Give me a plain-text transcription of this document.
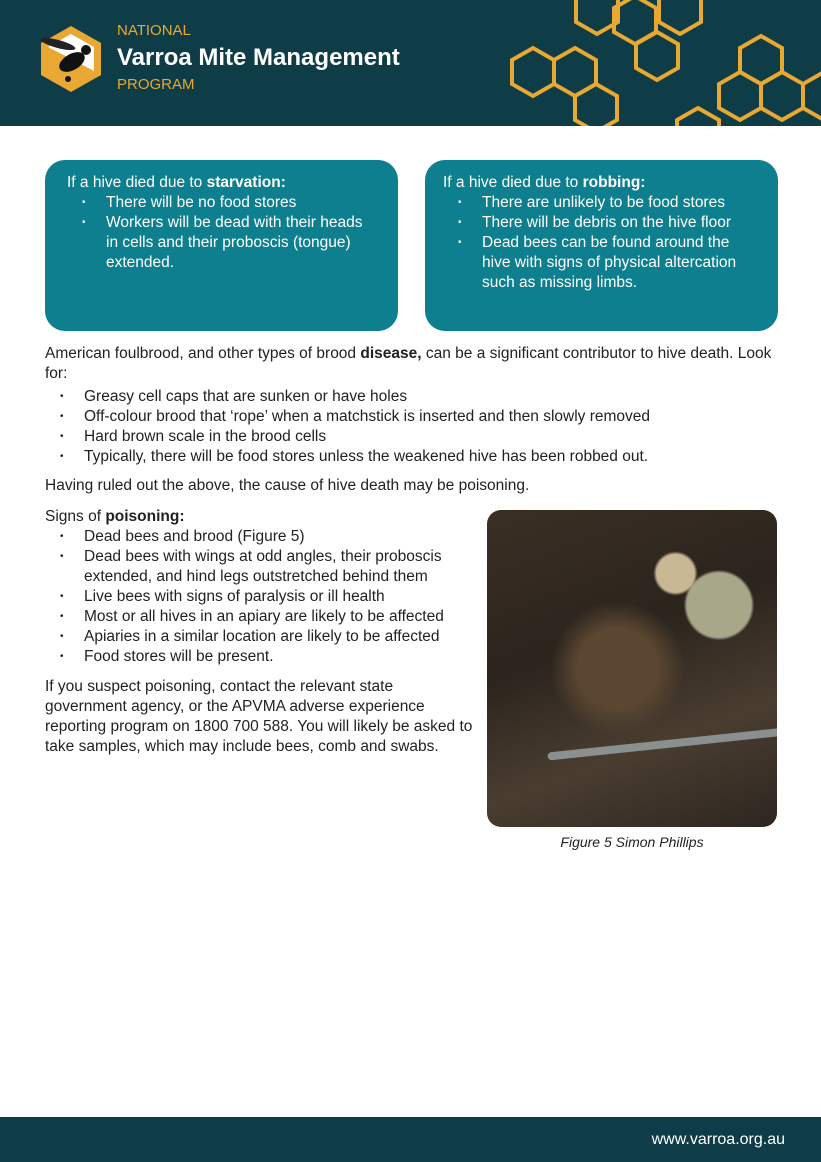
NATIONAL
Varroa Mite Management
PROGRAM
If a hive died due to starvation:
• There will be no food stores
• Workers will be dead with their heads in cells and their proboscis (tongue) extended.
If a hive died due to robbing:
• There are unlikely to be food stores
• There will be debris on the hive floor
• Dead bees can be found around the hive with signs of physical altercation such as missing limbs.

American foulbrood, and other types of brood disease, can be a significant contributor to hive death. Look for:

• Greasy cell caps that are sunken or have holes
• Off-colour brood that ‘rope’ when a matchstick is inserted and then slowly removed
• Hard brown scale in the brood cells
• Typically, there will be food stores unless the weakened hive has been robbed out.

Having ruled out the above, the cause of hive death may be poisoning.

Signs of poisoning:

• Dead bees and brood (Figure 5)
• Dead bees with wings at odd angles, their proboscis extended, and hind legs outstretched behind them
• Live bees with signs of paralysis or ill health
• Most or all hives in an apiary are likely to be affected
• Apiaries in a similar location are likely to be affected
• Food stores will be present.

If you suspect poisoning, contact the relevant state government agency, or the APVMA adverse experience reporting program on 1800 700 588. You will likely be asked to take samples, which may include bees, comb and swabs.

Figure 5 Simon Phillips
www.varroa.org.au
